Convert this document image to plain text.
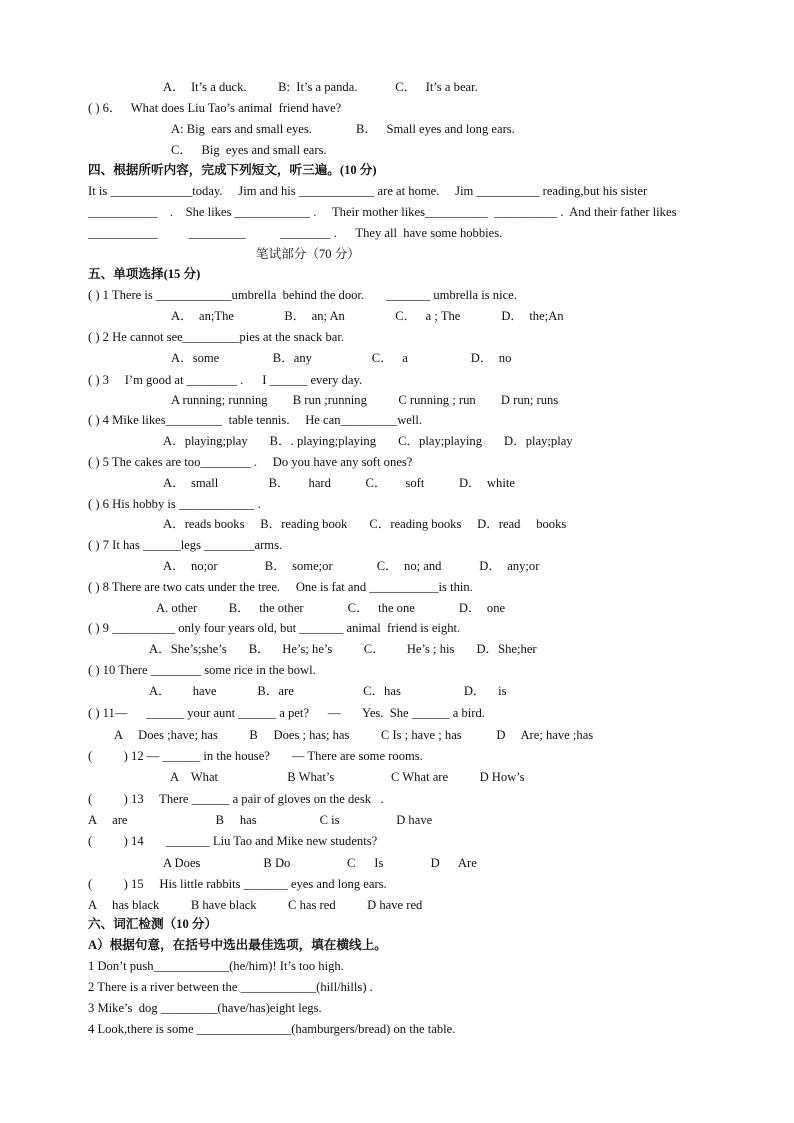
A．  It’s a duck.          B:  It’s a panda.            C．   It’s a bear.
( ) 6．   What does Liu Tao’s animal  friend have?
A: Big  ears and small eyes.              B．   Small eyes and long ears.
C．   Big  eyes and small ears.
四、根据所听内容，完成下列短文，听三遍。(10 分)
It is _____________today.     Jim and his ____________ are at home.     Jim __________ reading,but his sister
___________    .    She likes ____________ .     Their mother likes__________  __________ .  And their father likes
___________          _________           ________ .      They all  have some hobbies.
笔试部分（70 分）
五、单项选择(15 分)
( ) 1 There is ____________umbrella  behind the door.       _______ umbrella is nice.
A．  an;The                B．  an; An                C．   a ; The             D．  the;An
( ) 2 He cannot see_________pies at the snack bar.
A．some                 B．any                   C．   a                    D．  no
( ) 3     I’m good at ________ .      I ______ every day.
A running; running        B run ;running          C running ; run        D run; runs
( ) 4 Mike likes_________  table tennis.     He can_________well.
A．playing;play       B．. playing;playing       C．play;playing       D．play;play
( ) 5 The cakes are too________ .     Do you have any soft ones?
A．  small                B．      hard           C．      soft           D．  white
( ) 6 His hobby is ____________ .
A．reads books     B．reading book       C．reading books     D．read     books
( ) 7 It has ______legs ________arms.
A．  no;or               B．  some;or              C．  no; and            D．  any;or
( ) 8 There are two cats under the tree.     One is fat and ___________is thin.
A. other          B．   the other              C．   the one              D．  one
( ) 9 __________ only four years old, but _______ animal  friend is eight.
A．She’s;she’s       B．    He’s; he’s          C．       He’s ; his       D．She;her
( ) 10 There ________ some rice in the bowl.
A．       have             B．are                      C．has                    D．    is
( ) 11—      ______ your aunt ______ a pet?      —       Yes.  She ______ a bird.
A     Does ;have; has          B     Does ; has; has          C Is ; have ; has           D     Are; have ;has
(          ) 12 — ______ in the house?       — There are some rooms.
A    What                      B What’s                  C What are          D How’s
(          ) 13     There ______ a pair of gloves on the desk   .
A     are                            B     has                    C is                  D have
(          ) 14       _______ Liu Tao and Mike new students?
A Does                    B Do                  C      Is               D      Are
(          ) 15     His little rabbits _______ eyes and long ears.
A     has black          B have black          C has red          D have red
六、词汇检测（10 分）
A）根据句意，在括号中选出最佳选项，填在横线上。
1 Don’t push____________(he/him)! It’s too high.
2 There is a river between the ____________(hill/hills) .
3 Mike’s  dog _________(have/has)eight legs.
4 Look,there is some _______________(hamburgers/bread) on the table.
